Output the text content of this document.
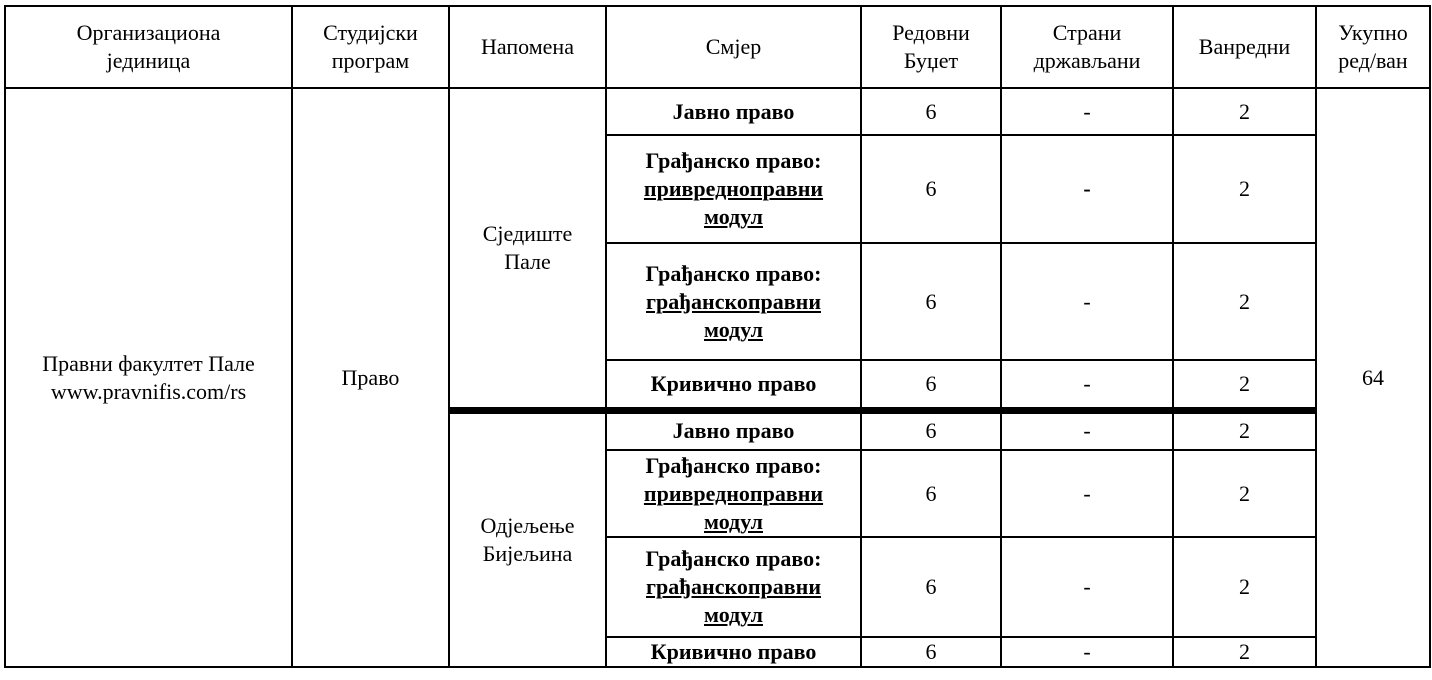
Организациона
јединица	Студијски
програм	Напомена	Смјер	Редовни
Буџет	Страни
држављани	Ванредни	Укупно
ред/ван
Правни факултет Пале
www.pravnifis.com/rs	Право	Сједиште
Пале	Јавно право	6	-	2	64
			Грађанско право:
привредноправни
модул	6	-	2	
			Грађанско право:
грађанскоправни
модул	6	-	2	
			Кривично право	6	-	2	
		Одјељење
Бијељина	Јавно право	6	-	2	
			Грађанско право:
привредноправни
модул	6	-	2	
			Грађанско право:
грађанскоправни
модул	6	-	2	
			Кривично право	6	-	2	
